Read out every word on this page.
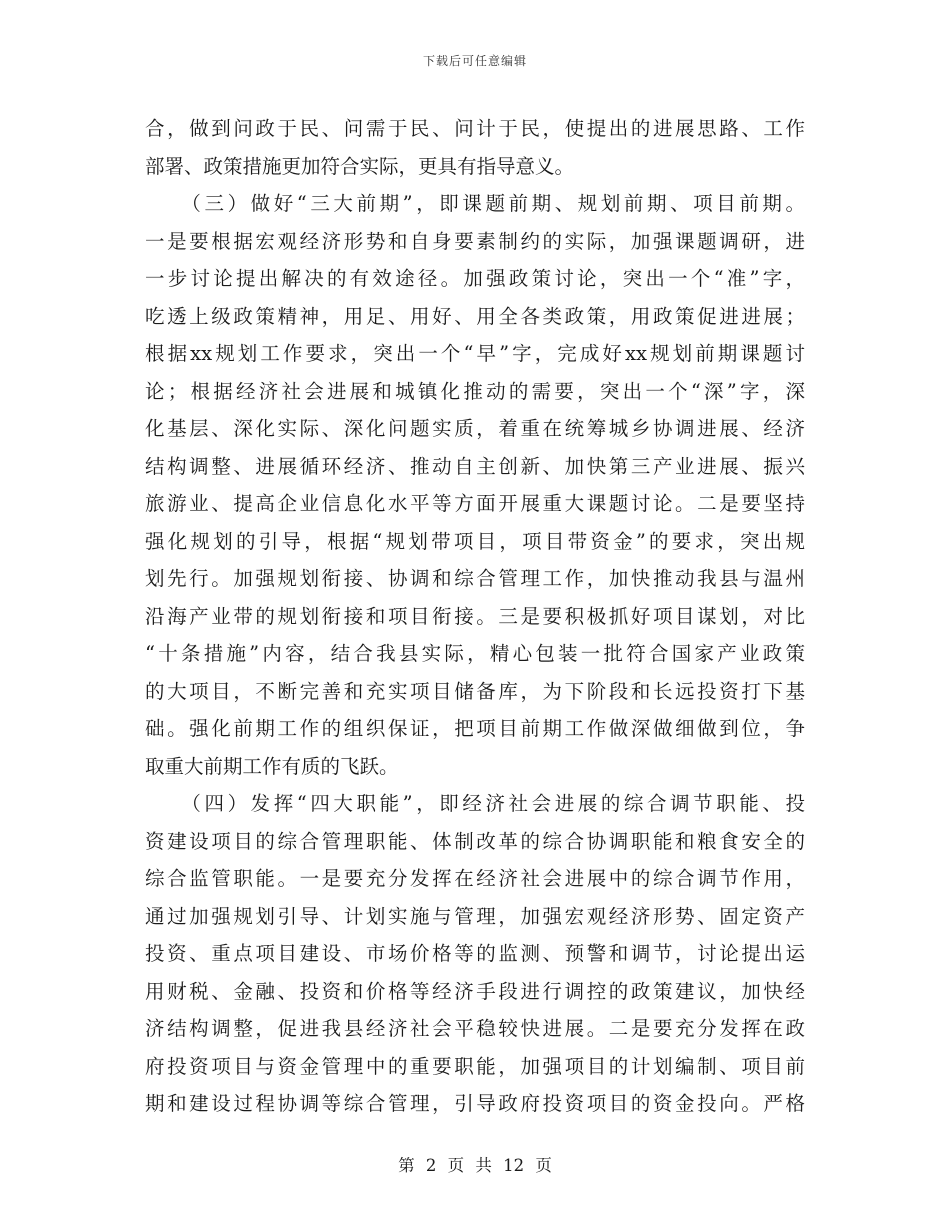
下载后可任意编辑
合，做到问政于民、问需于民、问计于民，使提出的进展思路、工作
部署、政策措施更加符合实际，更具有指导意义。
　　（三）做好“三大前期”，即课题前期、规划前期、项目前期。
一是要根据宏观经济形势和自身要素制约的实际，加强课题调研，进
一步讨论提出解决的有效途径。加强政策讨论，突出一个“准”字，
吃透上级政策精神，用足、用好、用全各类政策，用政策促进进展；
根据xx规划工作要求，突出一个“早”字，完成好xx规划前期课题讨
论；根据经济社会进展和城镇化推动的需要，突出一个“深”字，深
化基层、深化实际、深化问题实质，着重在统筹城乡协调进展、经济
结构调整、进展循环经济、推动自主创新、加快第三产业进展、振兴
旅游业、提高企业信息化水平等方面开展重大课题讨论。二是要坚持
强化规划的引导，根据“规划带项目，项目带资金”的要求，突出规
划先行。加强规划衔接、协调和综合管理工作，加快推动我县与温州
沿海产业带的规划衔接和项目衔接。三是要积极抓好项目谋划，对比
“十条措施”内容，结合我县实际，精心包装一批符合国家产业政策
的大项目，不断完善和充实项目储备库，为下阶段和长远投资打下基
础。强化前期工作的组织保证，把项目前期工作做深做细做到位，争
取重大前期工作有质的飞跃。
　　（四）发挥“四大职能”，即经济社会进展的综合调节职能、投
资建设项目的综合管理职能、体制改革的综合协调职能和粮食安全的
综合监管职能。一是要充分发挥在经济社会进展中的综合调节作用，
通过加强规划引导、计划实施与管理，加强宏观经济形势、固定资产
投资、重点项目建设、市场价格等的监测、预警和调节，讨论提出运
用财税、金融、投资和价格等经济手段进行调控的政策建议，加快经
济结构调整，促进我县经济社会平稳较快进展。二是要充分发挥在政
府投资项目与资金管理中的重要职能，加强项目的计划编制、项目前
期和建设过程协调等综合管理，引导政府投资项目的资金投向。严格
第 2 页 共 12 页
